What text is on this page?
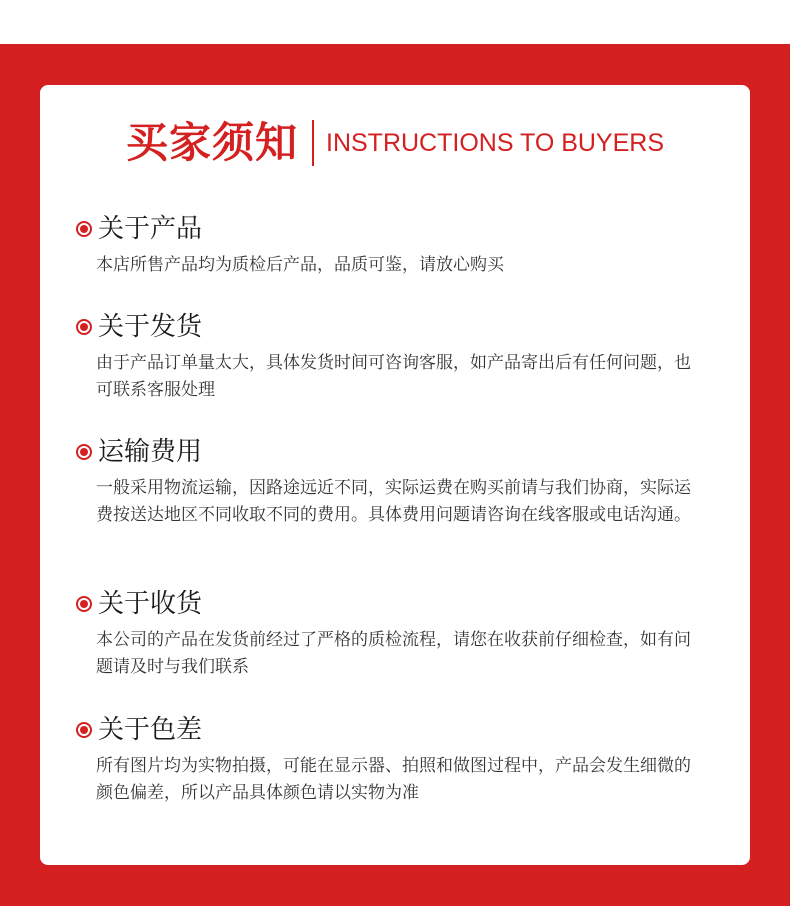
买家须知 INSTRUCTIONS TO BUYERS
关于产品
本店所售产品均为质检后产品，品质可鉴，请放心购买
关于发货
由于产品订单量太大，具体发货时间可咨询客服，如产品寄出后有任何问题，也可联系客服处理
运输费用
一般采用物流运输，因路途远近不同，实际运费在购买前请与我们协商，实际运费按送达地区不同收取不同的费用。具体费用问题请咨询在线客服或电话沟通。
关于收货
本公司的产品在发货前经过了严格的质检流程，请您在收获前仔细检查，如有问题请及时与我们联系
关于色差
所有图片均为实物拍摄，可能在显示器、拍照和做图过程中，产品会发生细微的颜色偏差，所以产品具体颜色请以实物为准
